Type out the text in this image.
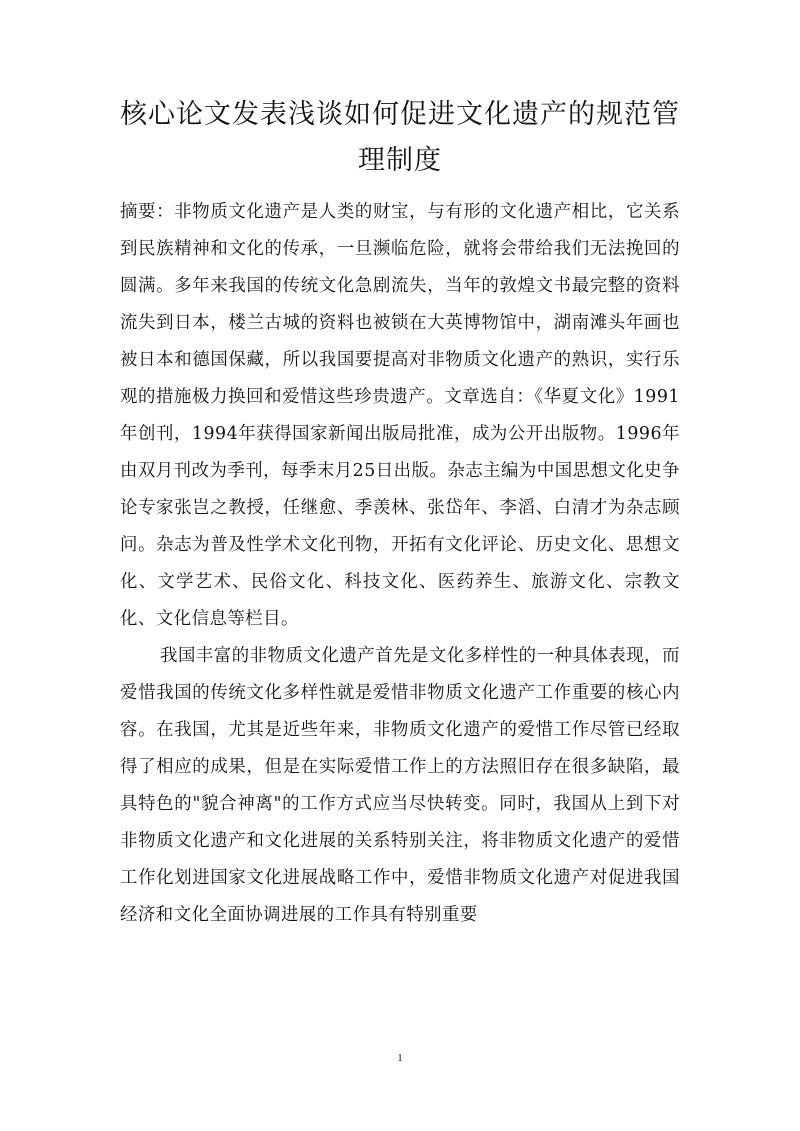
核心论文发表浅谈如何促进文化遗产的规范管理制度

摘要：非物质文化遗产是人类的财宝，与有形的文化遗产相比，它关系到民族精神和文化的传承，一旦濒临危险，就将会带给我们无法挽回的圆满。多年来我国的传统文化急剧流失，当年的敦煌文书最完整的资料流失到日本，楼兰古城的资料也被锁在大英博物馆中，湖南滩头年画也被日本和德国保藏，所以我国要提高对非物质文化遗产的熟识，实行乐观的措施极力换回和爱惜这些珍贵遗产。文章选自：《华夏文化》1991年创刊，1994年获得国家新闻出版局批准，成为公开出版物。1996年由双月刊改为季刊，每季末月25日出版。杂志主编为中国思想文化史争论专家张岂之教授，任继愈、季羡林、张岱年、李滔、白清才为杂志顾问。杂志为普及性学术文化刊物，开拓有文化评论、历史文化、思想文化、文学艺术、民俗文化、科技文化、医药养生、旅游文化、宗教文化、文化信息等栏目。

我国丰富的非物质文化遗产首先是文化多样性的一种具体表现，而爱惜我国的传统文化多样性就是爱惜非物质文化遗产工作重要的核心内容。在我国，尤其是近些年来，非物质文化遗产的爱惜工作尽管已经取得了相应的成果，但是在实际爱惜工作上的方法照旧存在很多缺陷，最具特色的"貌合神离"的工作方式应当尽快转变。同时，我国从上到下对非物质文化遗产和文化进展的关系特别关注，将非物质文化遗产的爱惜工作化划进国家文化进展战略工作中，爱惜非物质文化遗产对促进我国经济和文化全面协调进展的工作具有特别重要

1
